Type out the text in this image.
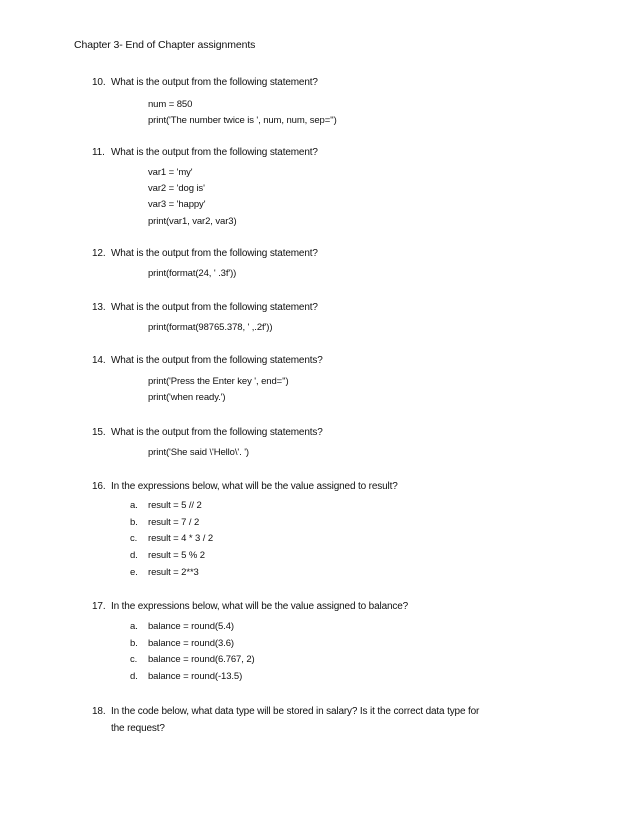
Chapter 3- End of Chapter assignments
10. What is the output from the following statement?
num = 850
print('The number twice is ', num, num, sep='')
11. What is the output from the following statement?
var1 = 'my'
var2 = 'dog is'
var3 = 'happy'
print(var1, var2, var3)
12. What is the output from the following statement?
print(format(24, ' .3f'))
13. What is the output from the following statement?
print(format(98765.378, ' ,.2f'))
14. What is the output from the following statements?
print('Press the Enter key ', end='')
print('when ready.')
15. What is the output from the following statements?
print('She said \'Hello\'. ')
16. In the expressions below, what will be the value assigned to result?
a. result = 5 // 2
b. result = 7 / 2
c. result = 4 * 3 / 2
d. result = 5 % 2
e. result = 2**3
17. In the expressions below, what will be the value assigned to balance?
a. balance = round(5.4)
b. balance = round(3.6)
c. balance = round(6.767, 2)
d. balance = round(-13.5)
18. In the code below, what data type will be stored in salary? Is it the correct data type for the request?
